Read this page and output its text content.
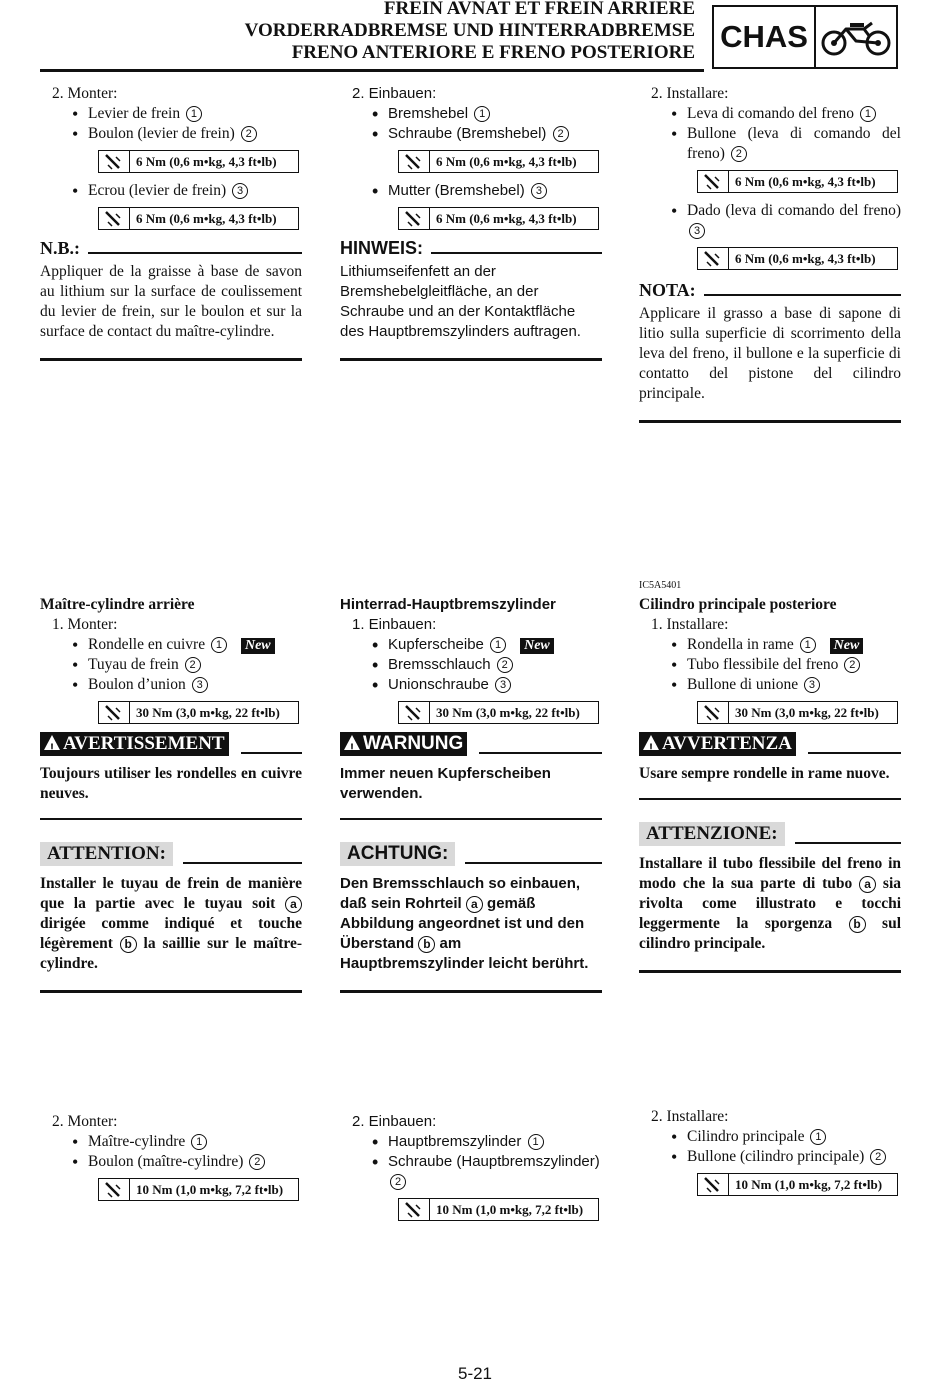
FREIN AVNAT ET FREIN ARRIERE
VORDERRADBREMSE UND HINTERRADBREMSE
FRENO ANTERIORE E FRENO POSTERIORE CHAS
2. Monter:
• Levier de frein 1
• Boulon (levier de frein) 2
6 Nm (0,6 m•kg, 4,3 ft•lb)
• Ecrou (levier de frein) 3
6 Nm (0,6 m•kg, 4,3 ft•lb)
N.B.:
Appliquer de la graisse à base de savon au lithium sur la surface de coulissement du levier de frein, sur le boulon et sur la surface de contact du maître-cylindre.
2. Einbauen:
• Bremshebel 1
• Schraube (Bremshebel) 2
6 Nm (0,6 m•kg, 4,3 ft•lb)
• Mutter (Bremshebel) 3
6 Nm (0,6 m•kg, 4,3 ft•lb)
HINWEIS:
Lithiumseifenfett an der Bremshebelgleitfläche, an der Schraube und an der Kontaktfläche des Hauptbremszylinders auftragen.
2. Installare:
• Leva di comando del freno 1
• Bullone (leva di comando del freno) 2
6 Nm (0,6 m•kg, 4,3 ft•lb)
• Dado (leva di comando del freno) 3
6 Nm (0,6 m•kg, 4,3 ft•lb)
NOTA:
Applicare il grasso a base di sapone di litio sulla superficie di scorrimento della leva del freno, il bullone e la superficie di contatto del pistone del cilindro principale.
Maître-cylindre arrière
1. Monter:
• Rondelle en cuivre 1 New
• Tuyau de frein 2
• Boulon d’union 3
30 Nm (3,0 m•kg, 22 ft•lb)
! AVERTISSEMENT
Toujours utiliser les rondelles en cuivre neuves.
ATTENTION:
Installer le tuyau de frein de manière que la partie avec le tuyau soit a dirigée comme indiqué et touche légèrement b la saillie sur le maître-cylindre.
Hinterrad-Hauptbremszylinder
1. Einbauen:
• Kupferscheibe 1 New
• Bremsschlauch 2
• Unionschraube 3
30 Nm (3,0 m•kg, 22 ft•lb)
! WARNUNG
Immer neuen Kupferscheiben verwenden.
ACHTUNG:
Den Bremsschlauch so einbauen, daß sein Rohrteil a gemäß Abbildung angeordnet ist und den Überstand b am Hauptbremszylinder leicht berührt.
IC5A5401
Cilindro principale posteriore
1. Installare:
• Rondella in rame 1 New
• Tubo flessibile del freno 2
• Bullone di unione 3
30 Nm (3,0 m•kg, 22 ft•lb)
! AVVERTENZA
Usare sempre rondelle in rame nuove.
ATTENZIONE:
Installare il tubo flessibile del freno in modo che la sua parte di tubo a sia rivolta come illustrato e tocchi leggermente la sporgenza b sul cilindro principale.
2. Monter:
• Maître-cylindre 1
• Boulon (maître-cylindre) 2
10 Nm (1,0 m•kg, 7,2 ft•lb)
2. Einbauen:
• Hauptbremszylinder 1
• Schraube (Hauptbremszylinder) 2
10 Nm (1,0 m•kg, 7,2 ft•lb)
2. Installare:
• Cilindro principale 1
• Bullone (cilindro principale) 2
10 Nm (1,0 m•kg, 7,2 ft•lb)
5-21
